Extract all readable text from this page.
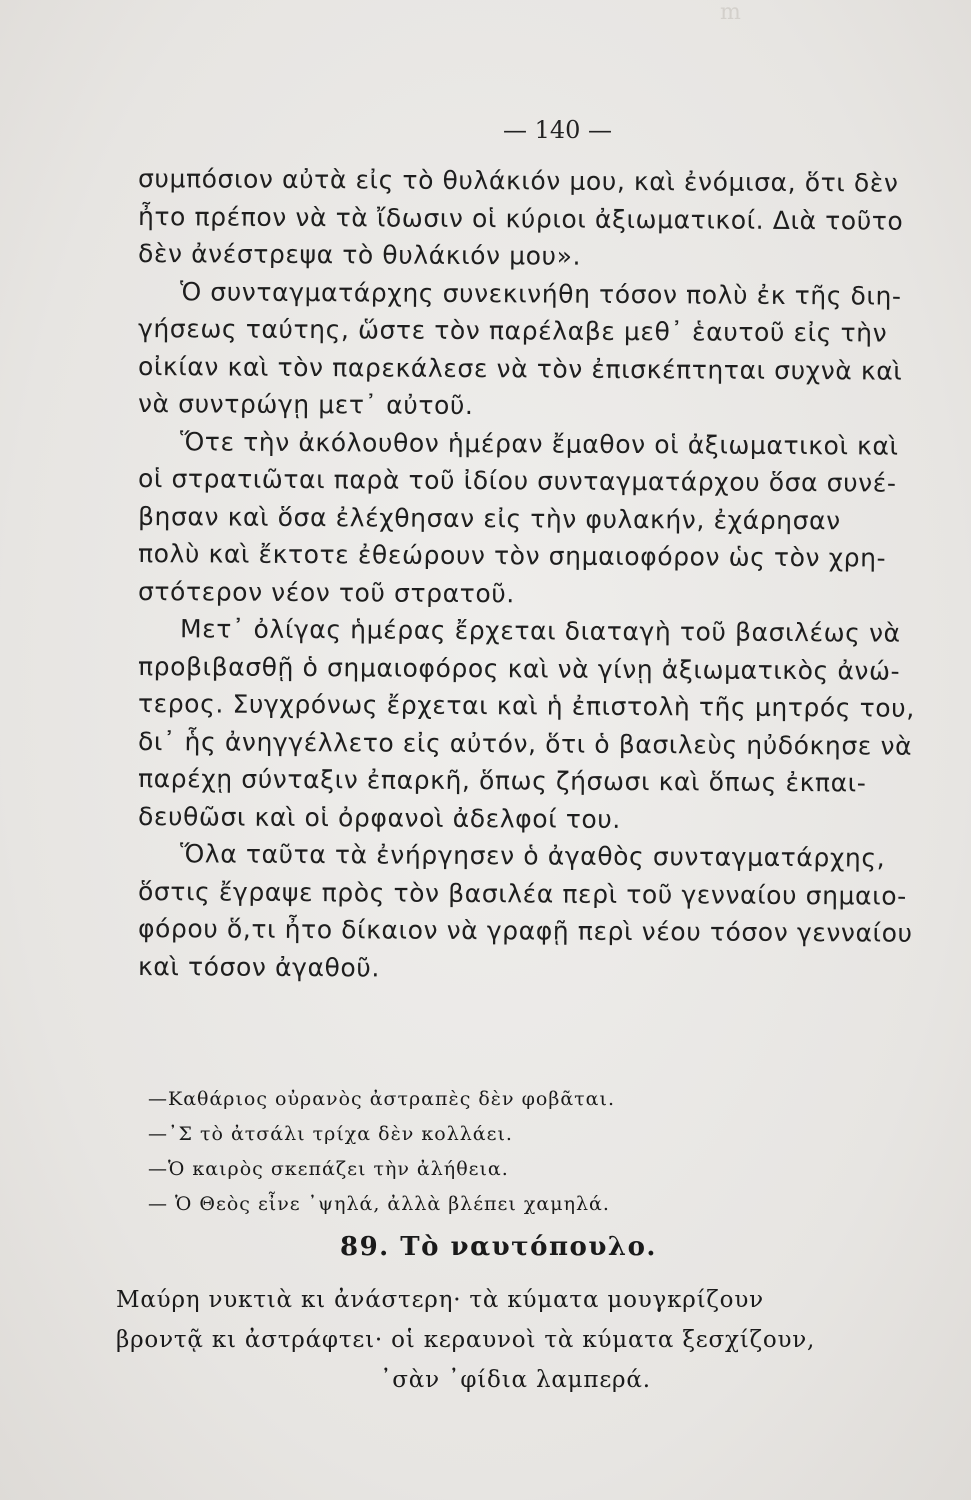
m
— 140 —
συμπόσιον αὐτὰ εἰς τὸ θυλάκιόν μου, καὶ ἐνόμισα, ὅτι δὲν
ἦτο πρέπον νὰ τὰ ἴδωσιν οἱ κύριοι ἀξιωματικοί. Διὰ τοῦτο
δὲν ἀνέστρεψα τὸ θυλάκιόν μου».
Ὁ συνταγματάρχης συνεκινήθη τόσον πολὺ ἐκ τῆς διη-
γήσεως ταύτης, ὥστε τὸν παρέλαβε μεθ᾽ ἑαυτοῦ εἰς τὴν
οἰκίαν καὶ τὸν παρεκάλεσε νὰ τὸν ἐπισκέπτηται συχνὰ καὶ
νὰ συντρώγῃ μετ᾽ αὐτοῦ.
Ὅτε τὴν ἀκόλουθον ἡμέραν ἔμαθον οἱ ἀξιωματικοὶ καὶ
οἱ στρατιῶται παρὰ τοῦ ἰδίου συνταγματάρχου ὅσα συνέ-
βησαν καὶ ὅσα ἐλέχθησαν εἰς τὴν φυλακήν, ἐχάρησαν
πολὺ καὶ ἔκτοτε ἐθεώρουν τὸν σημαιοφόρον ὡς τὸν χρη-
στότερον νέον τοῦ στρατοῦ.
Μετ᾽ ὀλίγας ἡμέρας ἔρχεται διαταγὴ τοῦ βασιλέως νὰ
προβιβασθῇ ὁ σημαιοφόρος καὶ νὰ γίνῃ ἀξιωματικὸς ἀνώ-
τερος. Συγχρόνως ἔρχεται καὶ ἡ ἐπιστολὴ τῆς μητρός του,
δι᾽ ἧς ἀνηγγέλλετο εἰς αὐτόν, ὅτι ὁ βασιλεὺς ηὐδόκησε νὰ
παρέχῃ σύνταξιν ἐπαρκῆ, ὅπως ζήσωσι καὶ ὅπως ἐκπαι-
δευθῶσι καὶ οἱ ὀρφανοὶ ἀδελφοί του.
Ὅλα ταῦτα τὰ ἐνήργησεν ὁ ἀγαθὸς συνταγματάρχης,
ὅστις ἔγραψε πρὸς τὸν βασιλέα περὶ τοῦ γενναίου σημαιο-
φόρου ὅ,τι ἦτο δίκαιον νὰ γραφῇ περὶ νέου τόσον γενναίου
καὶ τόσον ἀγαθοῦ.
—Καθάριος οὐρανὸς ἀστραπὲς δὲν φοβᾶται.
—᾽Σ τὸ ἀτσάλι τρίχα δὲν κολλάει.
—Ὁ καιρὸς σκεπάζει τὴν ἀλήθεια.
— Ὁ Θεὸς εἶνε ᾽ψηλά, ἀλλὰ βλέπει χαμηλά.
89. Τὸ ναυτόπουλο.
Μαύρη νυκτιὰ κι ἀνάστερη· τὰ κύματα μουγκρίζουν
βροντᾷ κι ἀστράφτει· οἱ κεραυνοὶ τὰ κύματα ξεσχίζουν,
᾽σὰν ᾽φίδια λαμπερά.
